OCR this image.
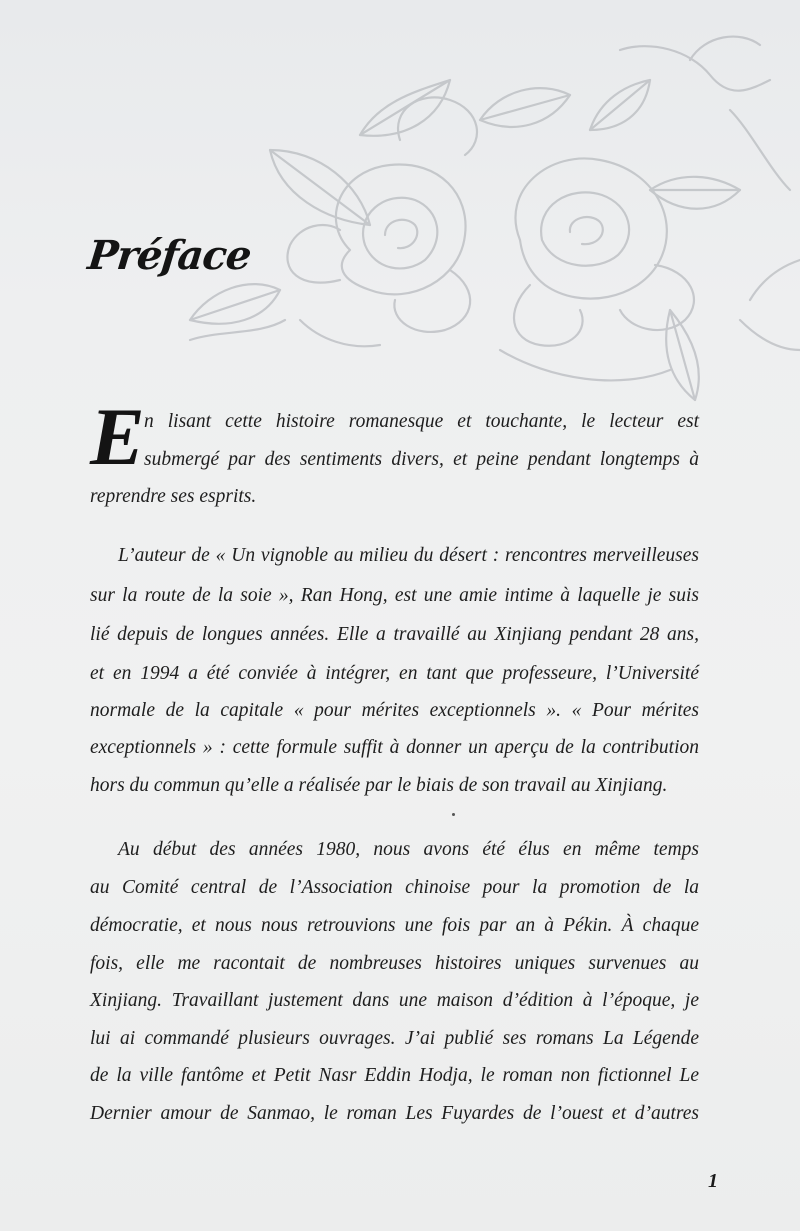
Préface
E n lisant cette histoire romanesque et touchante, le lecteur est
submergé par des sentiments divers, et peine pendant longtemps à
reprendre ses esprits.
L’auteur de « Un vignoble au milieu du désert : rencontres merveilleuses
sur la route de la soie », Ran Hong, est une amie intime à laquelle je suis
lié depuis de longues années. Elle a travaillé au Xinjiang pendant 28 ans,
et en 1994 a été conviée à intégrer, en tant que professeure, l’Université
normale de la capitale « pour mérites exceptionnels ». « Pour mérites
exceptionnels » : cette formule suffit à donner un aperçu de la contribution
hors du commun qu’elle a réalisée par le biais de son travail au Xinjiang.
Au début des années 1980, nous avons été élus en même temps
au Comité central de l’Association chinoise pour la promotion de la
démocratie, et nous nous retrouvions une fois par an à Pékin. À chaque
fois, elle me racontait de nombreuses histoires uniques survenues au
Xinjiang. Travaillant justement dans une maison d’édition à l’époque, je
lui ai commandé plusieurs ouvrages. J’ai publié ses romans La Légende
de la ville fantôme et Petit Nasr Eddin Hodja, le roman non fictionnel Le
Dernier amour de Sanmao, le roman Les Fuyardes de l’ouest et d’autres
1
